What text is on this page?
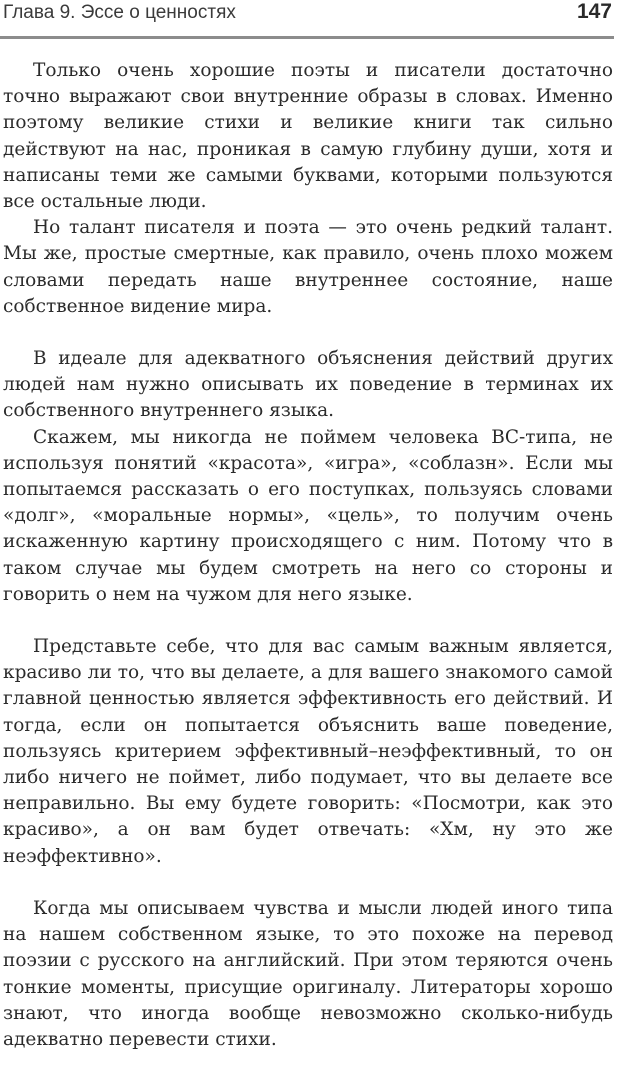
Глава 9. Эссе о ценностях	147

Только очень хорошие поэты и писатели достаточно точно выражают свои внутренние образы в словах. Именно поэтому великие стихи и великие книги так сильно действуют на нас, проникая в самую глубину души, хотя и написаны теми же самыми буквами, которыми пользуются все остальные люди.

Но талант писателя и поэта — это очень редкий талант. Мы же, простые смертные, как правило, очень плохо можем словами передать наше внутреннее состояние, наше собственное видение мира.

В идеале для адекватного объяснения действий других людей нам нужно описывать их поведение в терминах их собственного внутреннего языка.

Скажем, мы никогда не поймем человека ВС-типа, не используя понятий «красота», «игра», «соблазн». Если мы попытаемся рассказать о его поступках, пользуясь словами «долг», «моральные нормы», «цель», то получим очень искаженную картину происходящего с ним. Потому что в таком случае мы будем смотреть на него со стороны и говорить о нем на чужом для него языке.

Представьте себе, что для вас самым важным является, красиво ли то, что вы делаете, а для вашего знакомого самой главной ценностью является эффективность его действий. И тогда, если он попытается объяснить ваше поведение, пользуясь критерием эффективный–неэффективный, то он либо ничего не поймет, либо подумает, что вы делаете все неправильно. Вы ему будете говорить: «Посмотри, как это красиво», а он вам будет отвечать: «Хм, ну это же неэффективно».

Когда мы описываем чувства и мысли людей иного типа на нашем собственном языке, то это похоже на перевод поэзии с русского на английский. При этом теряются очень тонкие моменты, присущие оригиналу. Литераторы хорошо знают, что иногда вообще невозможно сколько-нибудь адекватно перевести стихи.
